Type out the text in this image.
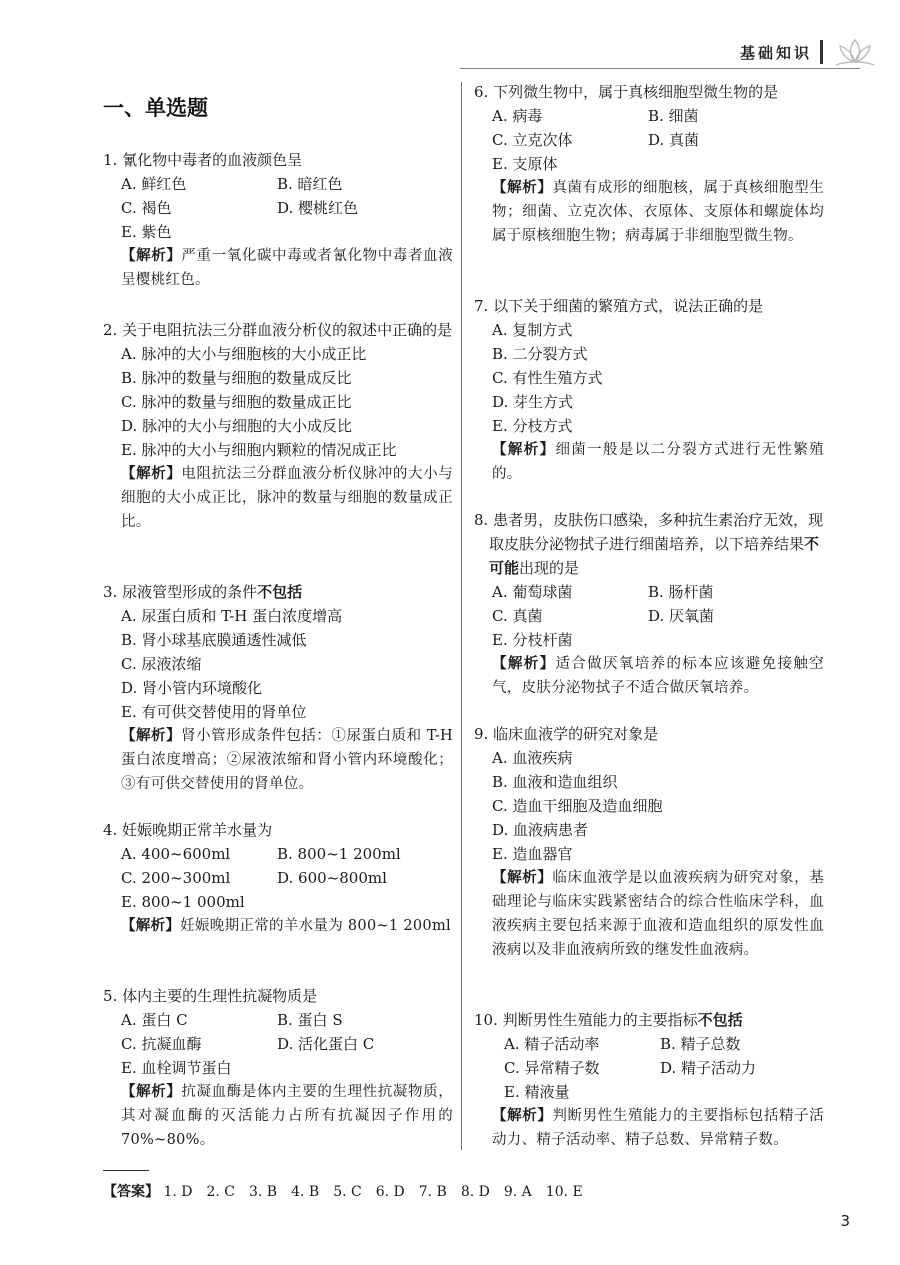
基础知识
一、单选题
1. 氰化物中毒者的血液颜色呈
A. 鲜红色	B. 暗红色
C. 褐色	D. 樱桃红色
E. 紫色
【解析】严重一氧化碳中毒或者氰化物中毒者血液呈樱桃红色。
2. 关于电阻抗法三分群血液分析仪的叙述中正确的是
A. 脉冲的大小与细胞核的大小成正比
B. 脉冲的数量与细胞的数量成反比
C. 脉冲的数量与细胞的数量成正比
D. 脉冲的大小与细胞的大小成反比
E. 脉冲的大小与细胞内颗粒的情况成正比
【解析】电阻抗法三分群血液分析仪脉冲的大小与细胞的大小成正比，脉冲的数量与细胞的数量成正比。
3. 尿液管型形成的条件不包括
A. 尿蛋白质和 T-H 蛋白浓度增高
B. 肾小球基底膜通透性减低
C. 尿液浓缩
D. 肾小管内环境酸化
E. 有可供交替使用的肾单位
【解析】肾小管形成条件包括：①尿蛋白质和 T-H 蛋白浓度增高；②尿液浓缩和肾小管内环境酸化；③有可供交替使用的肾单位。
4. 妊娠晚期正常羊水量为
A. 400~600ml	B. 800~1 200ml
C. 200~300ml	D. 600~800ml
E. 800~1 000ml
【解析】妊娠晚期正常的羊水量为 800~1 200ml
5. 体内主要的生理性抗凝物质是
A. 蛋白 C	B. 蛋白 S
C. 抗凝血酶	D. 活化蛋白 C
E. 血栓调节蛋白
【解析】抗凝血酶是体内主要的生理性抗凝物质，其对凝血酶的灭活能力占所有抗凝因子作用的 70%~80%。
6. 下列微生物中，属于真核细胞型微生物的是
A. 病毒	B. 细菌
C. 立克次体	D. 真菌
E. 支原体
【解析】真菌有成形的细胞核，属于真核细胞型生物；细菌、立克次体、衣原体、支原体和螺旋体均属于原核细胞生物；病毒属于非细胞型微生物。
7. 以下关于细菌的繁殖方式，说法正确的是
A. 复制方式
B. 二分裂方式
C. 有性生殖方式
D. 芽生方式
E. 分枝方式
【解析】细菌一般是以二分裂方式进行无性繁殖的。
8. 患者男，皮肤伤口感染，多种抗生素治疗无效，现取皮肤分泌物拭子进行细菌培养，以下培养结果不可能出现的是
A. 葡萄球菌	B. 肠杆菌
C. 真菌	D. 厌氧菌
E. 分枝杆菌
【解析】适合做厌氧培养的标本应该避免接触空气，皮肤分泌物拭子不适合做厌氧培养。
9. 临床血液学的研究对象是
A. 血液疾病
B. 血液和造血组织
C. 造血干细胞及造血细胞
D. 血液病患者
E. 造血器官
【解析】临床血液学是以血液疾病为研究对象，基础理论与临床实践紧密结合的综合性临床学科，血液疾病主要包括来源于血液和造血组织的原发性血液病以及非血液病所致的继发性血液病。
10. 判断男性生殖能力的主要指标不包括
A. 精子活动率	B. 精子总数
C. 异常精子数	D. 精子活动力
E. 精液量
【解析】判断男性生殖能力的主要指标包括精子活动力、精子活动率、精子总数、异常精子数。
【答案】 1. D　2. C　3. B　4. B　5. C　6. D　7. B　8. D　9. A　10. E
3
